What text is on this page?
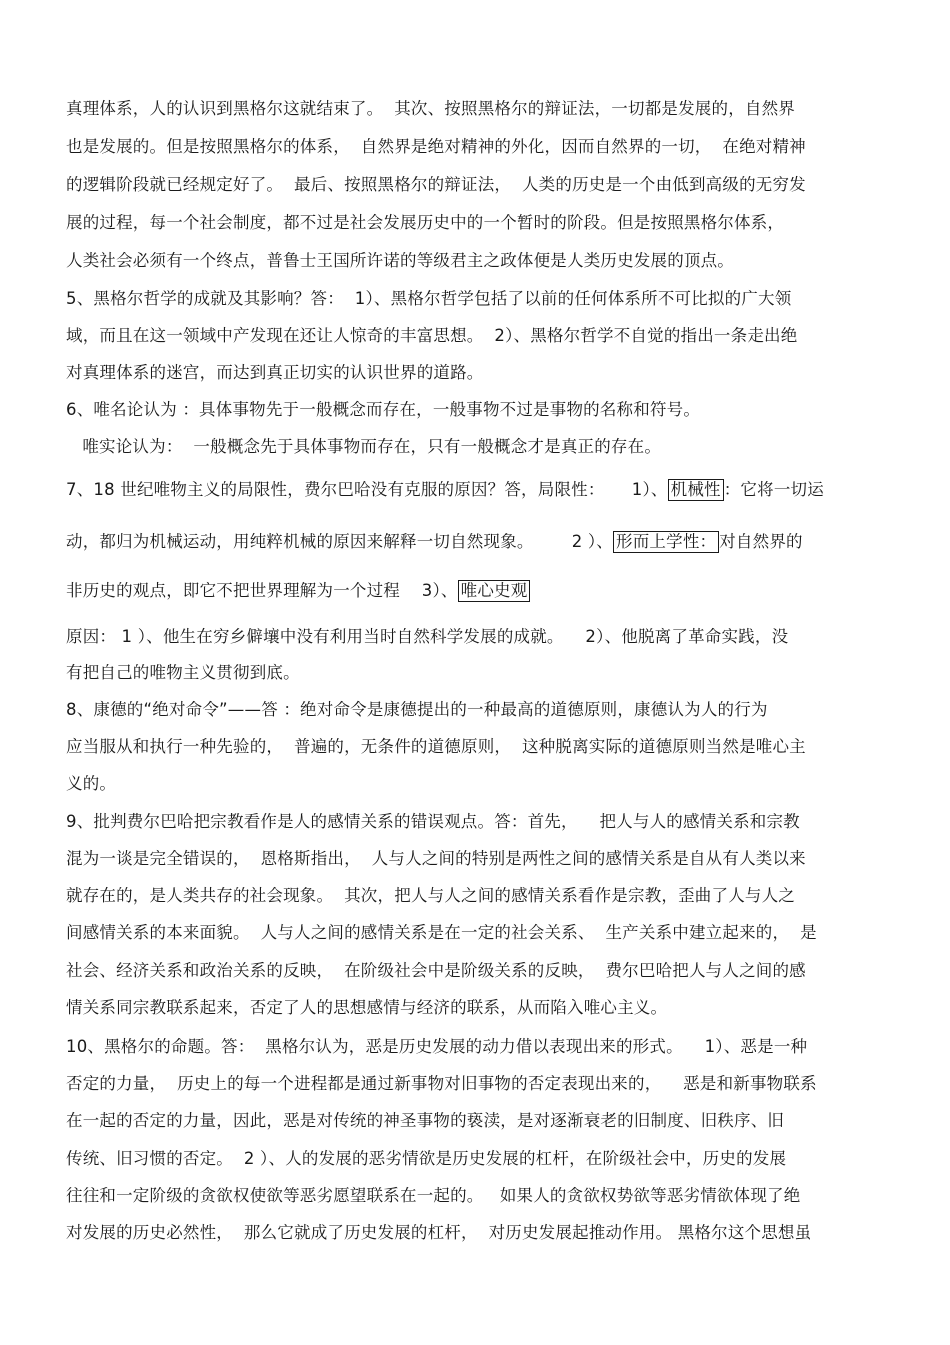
真理体系，人的认识到黑格尔这就结束了。  其次、按照黑格尔的辩证法，一切都是发展的，自然界
也是发展的。但是按照黑格尔的体系，  自然界是绝对精神的外化，因而自然界的一切，  在绝对精神
的逻辑阶段就已经规定好了。  最后、按照黑格尔的辩证法，  人类的历史是一个由低到高级的无穷发
展的过程，每一个社会制度，都不过是社会发展历史中的一个暂时的阶段。但是按照黑格尔体系，
人类社会必须有一个终点，普鲁士王国所许诺的等级君主之政体便是人类历史发展的顶点。
5、黑格尔哲学的成就及其影响？答：  1）、黑格尔哲学包括了以前的任何体系所不可比拟的广大领
域，而且在这一领域中产发现在还让人惊奇的丰富思想。  2）、黑格尔哲学不自觉的指出一条走出绝
对真理体系的迷宫，而达到真正切实的认识世界的道路。
6、唯名论认为 ：具体事物先于一般概念而存在，一般事物不过是事物的名称和符号。
唯实论认为：  一般概念先于具体事物而存在，只有一般概念才是真正的存在。
7、18 世纪唯物主义的局限性，费尔巴哈没有克服的原因？答，局限性：     1）、 机械性 ：它将一切运
动，都归为机械运动，用纯粹机械的原因来解释一切自然现象。       2 ）、 形而上学性： 对自然界的
非历史的观点，即它不把世界理解为一个过程    3）、 唯心史观
原因： 1 ）、他生在穷乡僻壤中没有利用当时自然科学发展的成就。    2）、他脱离了革命实践，没
有把自己的唯物主义贯彻到底。
8、康德的“绝对命令”——答 ：绝对命令是康德提出的一种最高的道德原则，康德认为人的行为
应当服从和执行一种先验的，  普遍的，无条件的道德原则，  这种脱离实际的道德原则当然是唯心主
义的。
9、批判费尔巴哈把宗教看作是人的感情关系的错误观点。答：首先，    把人与人的感情关系和宗教
混为一谈是完全错误的，  恩格斯指出，  人与人之间的特别是两性之间的感情关系是自从有人类以来
就存在的，是人类共存的社会现象。  其次，把人与人之间的感情关系看作是宗教，歪曲了人与人之
间感情关系的本来面貌。  人与人之间的感情关系是在一定的社会关系、  生产关系中建立起来的，  是
社会、经济关系和政治关系的反映，  在阶级社会中是阶级关系的反映，  费尔巴哈把人与人之间的感
情关系同宗教联系起来，否定了人的思想感情与经济的联系，从而陷入唯心主义。
10、黑格尔的命题。答：  黑格尔认为，恶是历史发展的动力借以表现出来的形式。    1）、恶是一种
否定的力量，  历史上的每一个进程都是通过新事物对旧事物的否定表现出来的，    恶是和新事物联系
在一起的否定的力量，因此，恶是对传统的神圣事物的亵渎，是对逐渐衰老的旧制度、旧秩序、旧
传统、旧习惯的否定。  2 ）、人的发展的恶劣情欲是历史发展的杠杆，在阶级社会中，历史的发展
往往和一定阶级的贪欲权使欲等恶劣愿望联系在一起的。   如果人的贪欲权势欲等恶劣情欲体现了绝
对发展的历史必然性，  那么它就成了历史发展的杠杆，  对历史发展起推动作用。 黑格尔这个思想虽
